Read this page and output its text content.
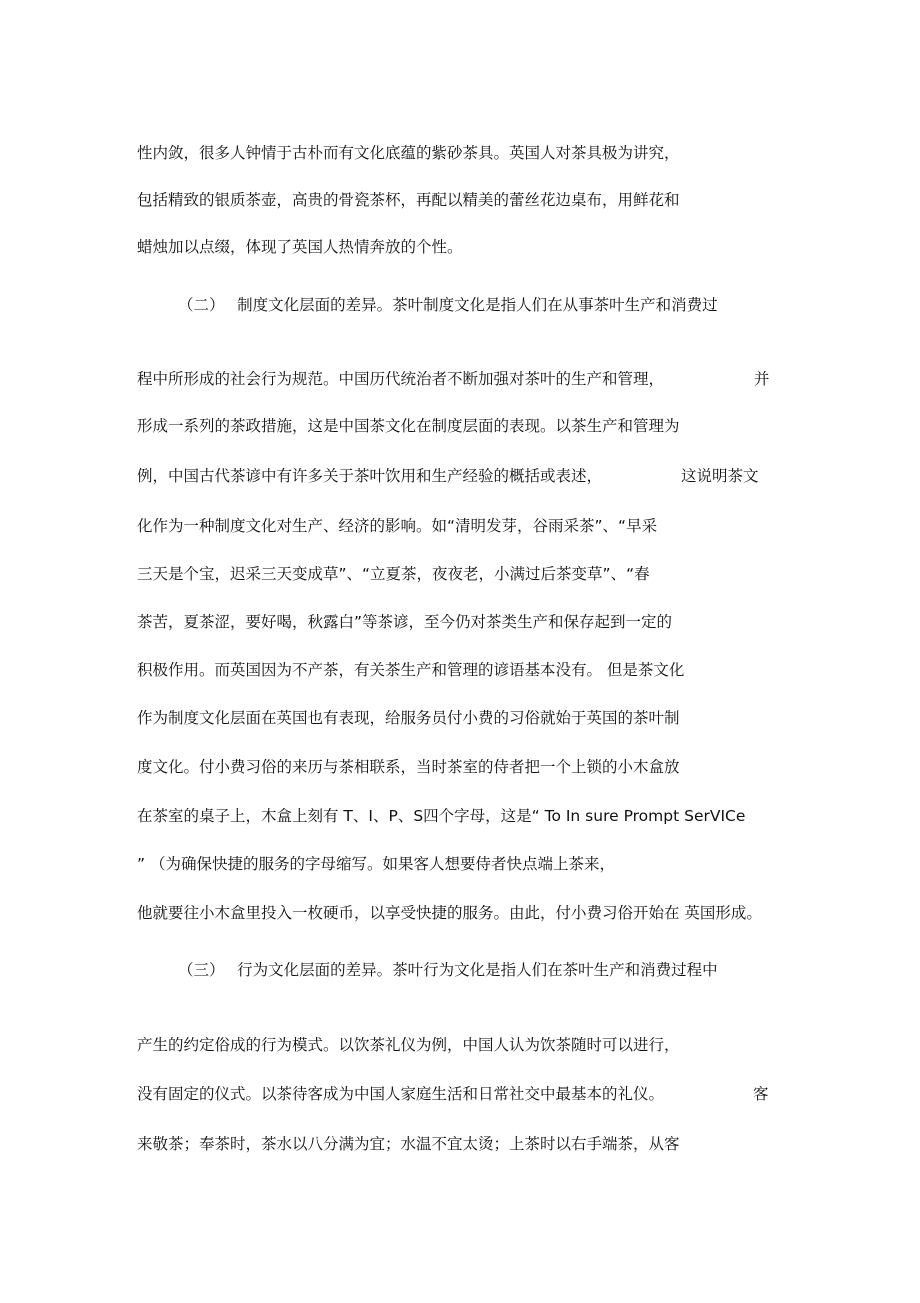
性内敛，很多人钟情于古朴而有文化底蕴的紫砂茶具。英国人对茶具极为讲究，
包括精致的银质茶壶，高贵的骨瓷茶杯，再配以精美的蕾丝花边桌布，用鲜花和
蜡烛加以点缀，体现了英国人热情奔放的个性。
（二）　 制度文化层面的差异。茶叶制度文化是指人们在从事茶叶生产和消费过
程中所形成的社会行为规范。中国历代统治者不断加强对茶叶的生产和管理，	并
形成一系列的茶政措施，这是中国茶文化在制度层面的表现。以茶生产和管理为
例，中国古代茶谚中有许多关于茶叶饮用和生产经验的概括或表述，	这说明茶文
化作为一种制度文化对生产、经济的影响。如“清明发芽，谷雨采茶”、“早采
三天是个宝，迟采三天变成草”、“立夏茶，夜夜老，小满过后茶变草”、“春
茶苦，夏茶涩，要好喝，秋露白”等茶谚，至今仍对茶类生产和保存起到一定的
积极作用。而英国因为不产茶，有关茶生产和管理的谚语基本没有。 但是茶文化
作为制度文化层面在英国也有表现，给服务员付小费的习俗就始于英国的茶叶制
度文化。付小费习俗的来历与茶相联系，当时茶室的侍者把一个上锁的小木盒放
在茶室的桌子上，木盒上刻有 T、I、P、S四个字母，这是“ To In sure Prompt SerVICe
” （为确保快捷的服务的字母缩写。如果客人想要侍者快点端上茶来，
他就要往小木盒里投入一枚硬币，以享受快捷的服务。由此，付小费习俗开始在 英国形成。
（三）　 行为文化层面的差异。茶叶行为文化是指人们在茶叶生产和消费过程中
产生的约定俗成的行为模式。以饮茶礼仪为例，中国人认为饮茶随时可以进行，
没有固定的仪式。以茶待客成为中国人家庭生活和日常社交中最基本的礼仪。	客
来敬茶；奉茶时，茶水以八分满为宜；水温不宜太烫；上茶时以右手端茶，从客
